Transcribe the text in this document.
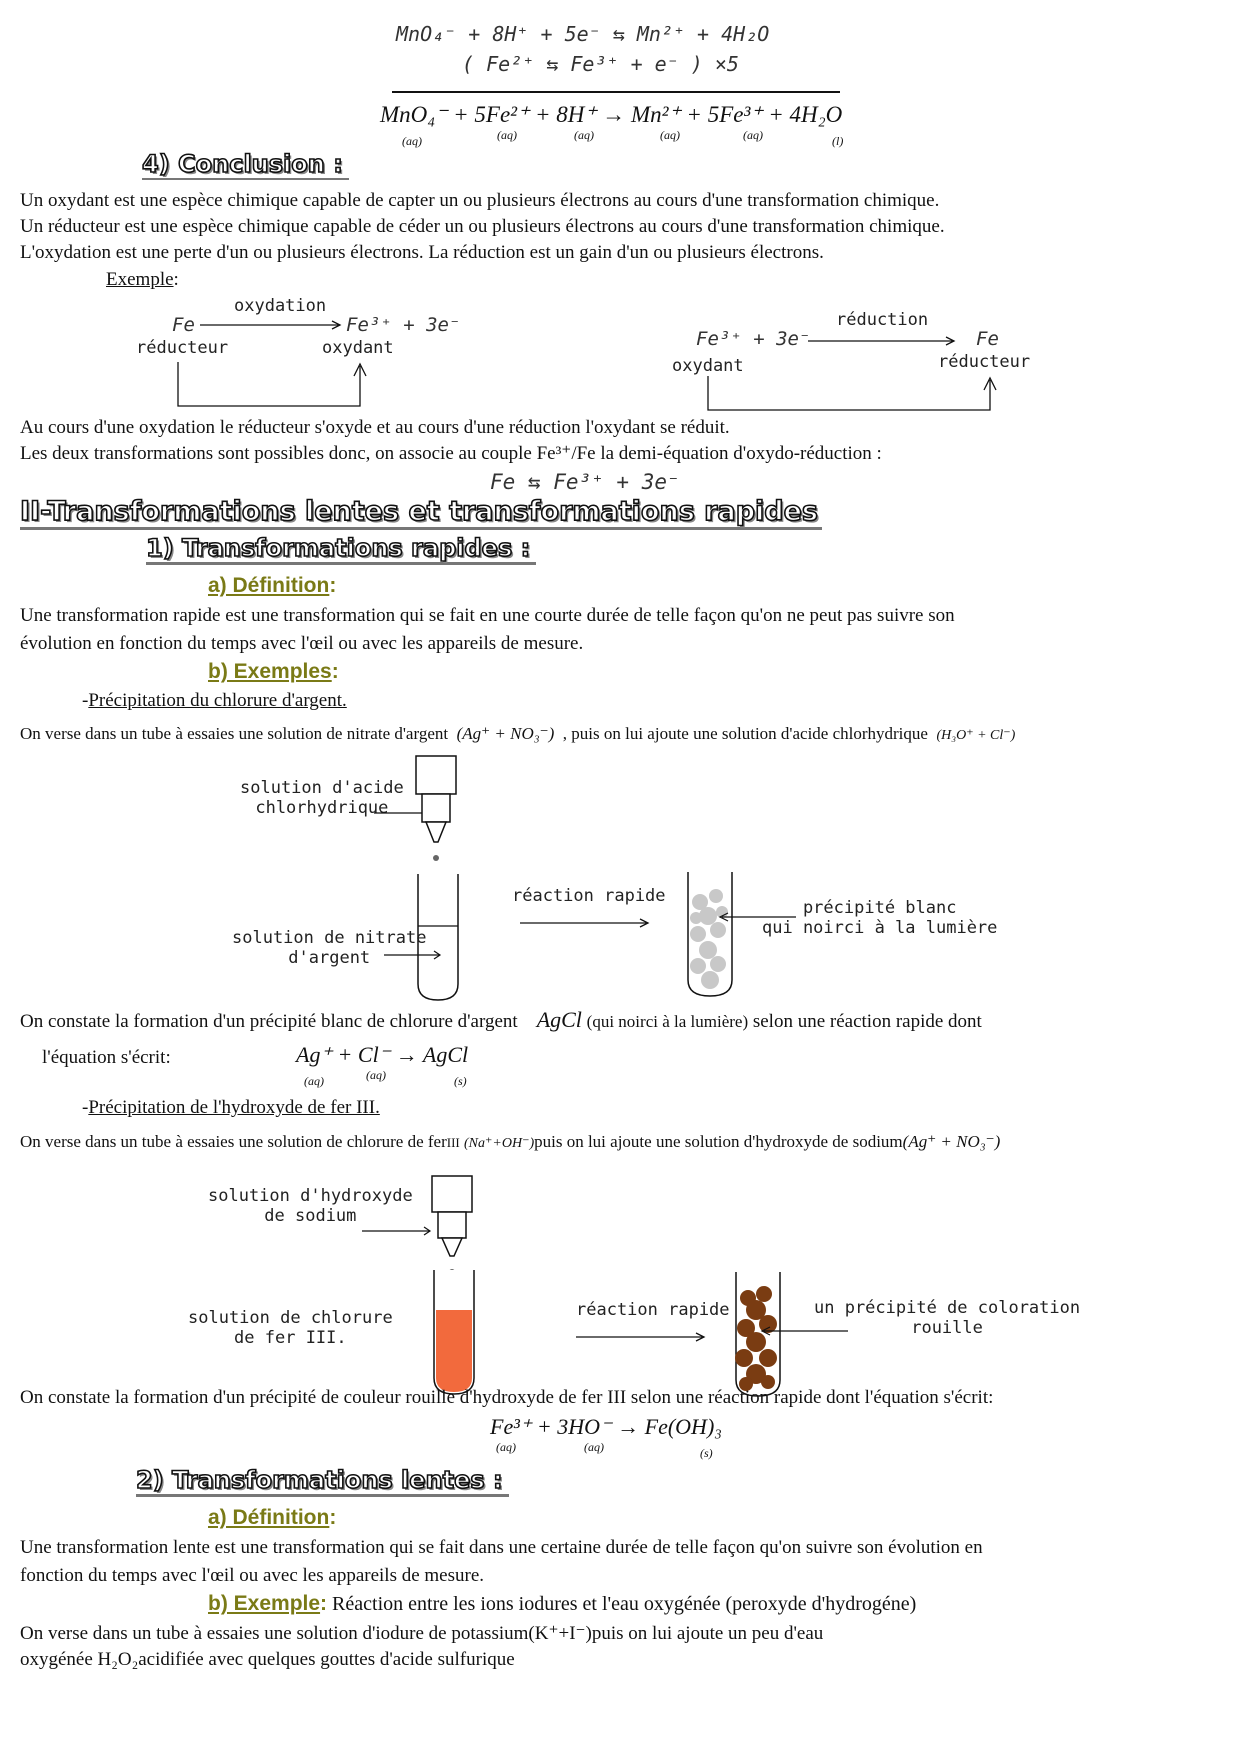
MnO₄⁻ + 8H⁺ + 5e⁻ ⇆ Mn²⁺ + 4H₂O
( Fe²⁺ ⇆ Fe³⁺ + e⁻ ) ×5
MnO₄⁻ + 5Fe²⁺ + 8H⁺ → Mn²⁺ + 5Fe³⁺ + 4H₂O
(aq)	(aq)	(aq)	(aq)	(aq)	(l)
4) Conclusion :
Un oxydant est une espèce chimique capable de capter un ou plusieurs électrons au cours d'une transformation chimique.
Un réducteur est une espèce chimique capable de céder un ou plusieurs électrons au cours d'une transformation chimique.
L'oxydation est une perte d'un ou plusieurs électrons. La réduction est un gain d'un ou plusieurs électrons.
Exemple:
oxydation
Fe	Fe³⁺ + 3e⁻
réducteur	oxydant
réduction
Fe³⁺ + 3e⁻	Fe
oxydant	réducteur
Au cours d'une oxydation le réducteur s'oxyde et au cours d'une réduction l'oxydant se réduit.
Les deux transformations sont possibles donc, on associe au couple Fe³⁺/Fe la demi-équation d'oxydo-réduction :
Fe ⇆ Fe³⁺ + 3e⁻
II-Transformations lentes et transformations rapides
1) Transformations rapides :
a) Définition:
Une transformation rapide est une transformation qui se fait en une courte durée de telle façon qu'on ne peut pas suivre son
évolution en fonction du temps avec l'œil ou avec les appareils de mesure.
b) Exemples:
-Précipitation du chlorure d'argent.
On verse dans un tube à essaies une solution de nitrate d'argent (Ag⁺ + NO₃⁻) , puis on lui ajoute une solution d'acide chlorhydrique (H₃O⁺ + Cl⁻)
solution d'acide
chlorhydrique
solution de nitrate
d'argent
réaction rapide
précipité blanc
qui noirci à la lumière
On constate la formation d'un précipité blanc de chlorure d'argent AgCl (qui noirci à la lumière) selon une réaction rapide dont
l'équation s'écrit:	Ag⁺ + Cl⁻ → AgCl
(aq)	(aq)	(s)
-Précipitation de l'hydroxyde de fer III.
On verse dans un tube à essaies une solution de chlorure de ferIII (Na⁺+OH⁻)puis on lui ajoute une solution d'hydroxyde de sodium(Ag⁺ + NO₃⁻)
solution d'hydroxyde
de sodium
solution de chlorure
de fer III.
réaction rapide	un précipité de coloration
rouille
On constate la formation d'un précipité de couleur rouille d'hydroxyde de fer III selon une réaction rapide dont l'équation s'écrit:
Fe³⁺ + 3HO⁻ → Fe(OH)₃
(aq)	(aq)	(s)
2) Transformations lentes :
a) Définition:
Une transformation lente est une transformation qui se fait dans une certaine durée de telle façon qu'on suivre son évolution en
fonction du temps avec l'œil ou avec les appareils de mesure.
b) Exemple: Réaction entre les ions iodures et l'eau oxygénée (peroxyde d'hydrogéne)
On verse dans un tube à essaies une solution d'iodure de potassium(K⁺+I⁻)puis on lui ajoute un peu d'eau
oxygénée H₂O₂acidifiée avec quelques gouttes d'acide sulfurique
